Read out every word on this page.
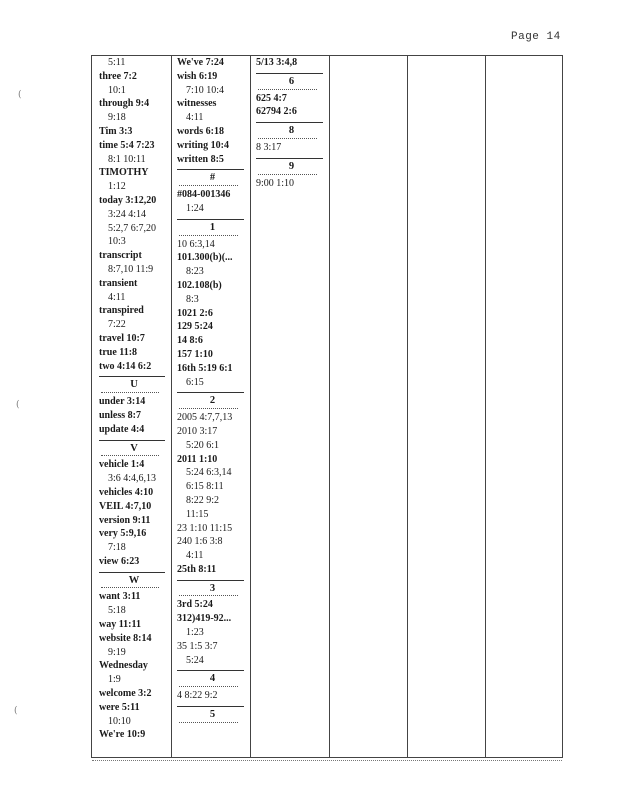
Page 14
5:11
three 7:2
10:1
through 9:4
9:18
Tim 3:3
time 5:4 7:23
8:1 10:11
TIMOTHY
1:12
today 3:12,20
3:24 4:14
5:2,7 6:7,20
10:3
transcript
8:7,10 11:9
transient
4:11
transpired
7:22
travel 10:7
true 11:8
two 4:14 6:2
U
under 3:14
unless 8:7
update 4:4
V
vehicle 1:4
3:6 4:4,6,13
vehicles 4:10
VEIL 4:7,10
version 9:11
very 5:9,16
7:18
view 6:23
W
want 3:11
5:18
way 11:11
website 8:14
9:19
Wednesday
1:9
welcome 3:2
were 5:11
10:10
We're 10:9
We've 7:24
wish 6:19
7:10 10:4
witnesses
4:11
words 6:18
writing 10:4
written 8:5
#
#084-001346
1:24
1
10 6:3,14
101.300(b)(...
8:23
102.108(b)
8:3
1021 2:6
129 5:24
14 8:6
157 1:10
16th 5:19 6:1
6:15
2
2005 4:7,7,13
2010 3:17
5:20 6:1
2011 1:10
5:24 6:3,14
6:15 8:11
8:22 9:2
11:15
23 1:10 11:15
240 1:6 3:8
4:11
25th 8:11
3
3rd 5:24
312)419-92...
1:23
35 1:5 3:7
5:24
4
4 8:22 9:2
5
5/13 3:4,8
6
625 4:7
62794 2:6
8
8 3:17
9
9:00 1:10
(
(
(
